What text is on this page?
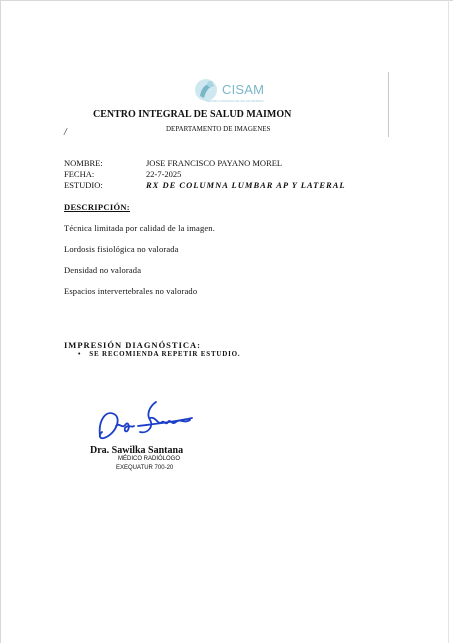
CISAM
CENTRO INTEGRAL DE SALUD MAIMON
CENTRO INTEGRAL DE SALUD MAIMON
/	DEPARTAMENTO DE IMAGENES
NOMBRE:	JOSE FRANCISCO PAYANO MOREL
FECHA:	22-7-2025
ESTUDIO:	RX DE COLUMNA LUMBAR AP Y LATERAL
DESCRIPCIÓN:
Técnica limitada por calidad de la imagen.
Lordosis fisiológica no valorada
Densidad no valorada
Espacios intervertebrales no valorado
IMPRESIÓN DIAGNÓSTICA:
• SE RECOMIENDA REPETIR ESTUDIO.
Dra. Sawilka Santana
MÉDICO RADIÓLOGO
EXEQUATUR 700-20
